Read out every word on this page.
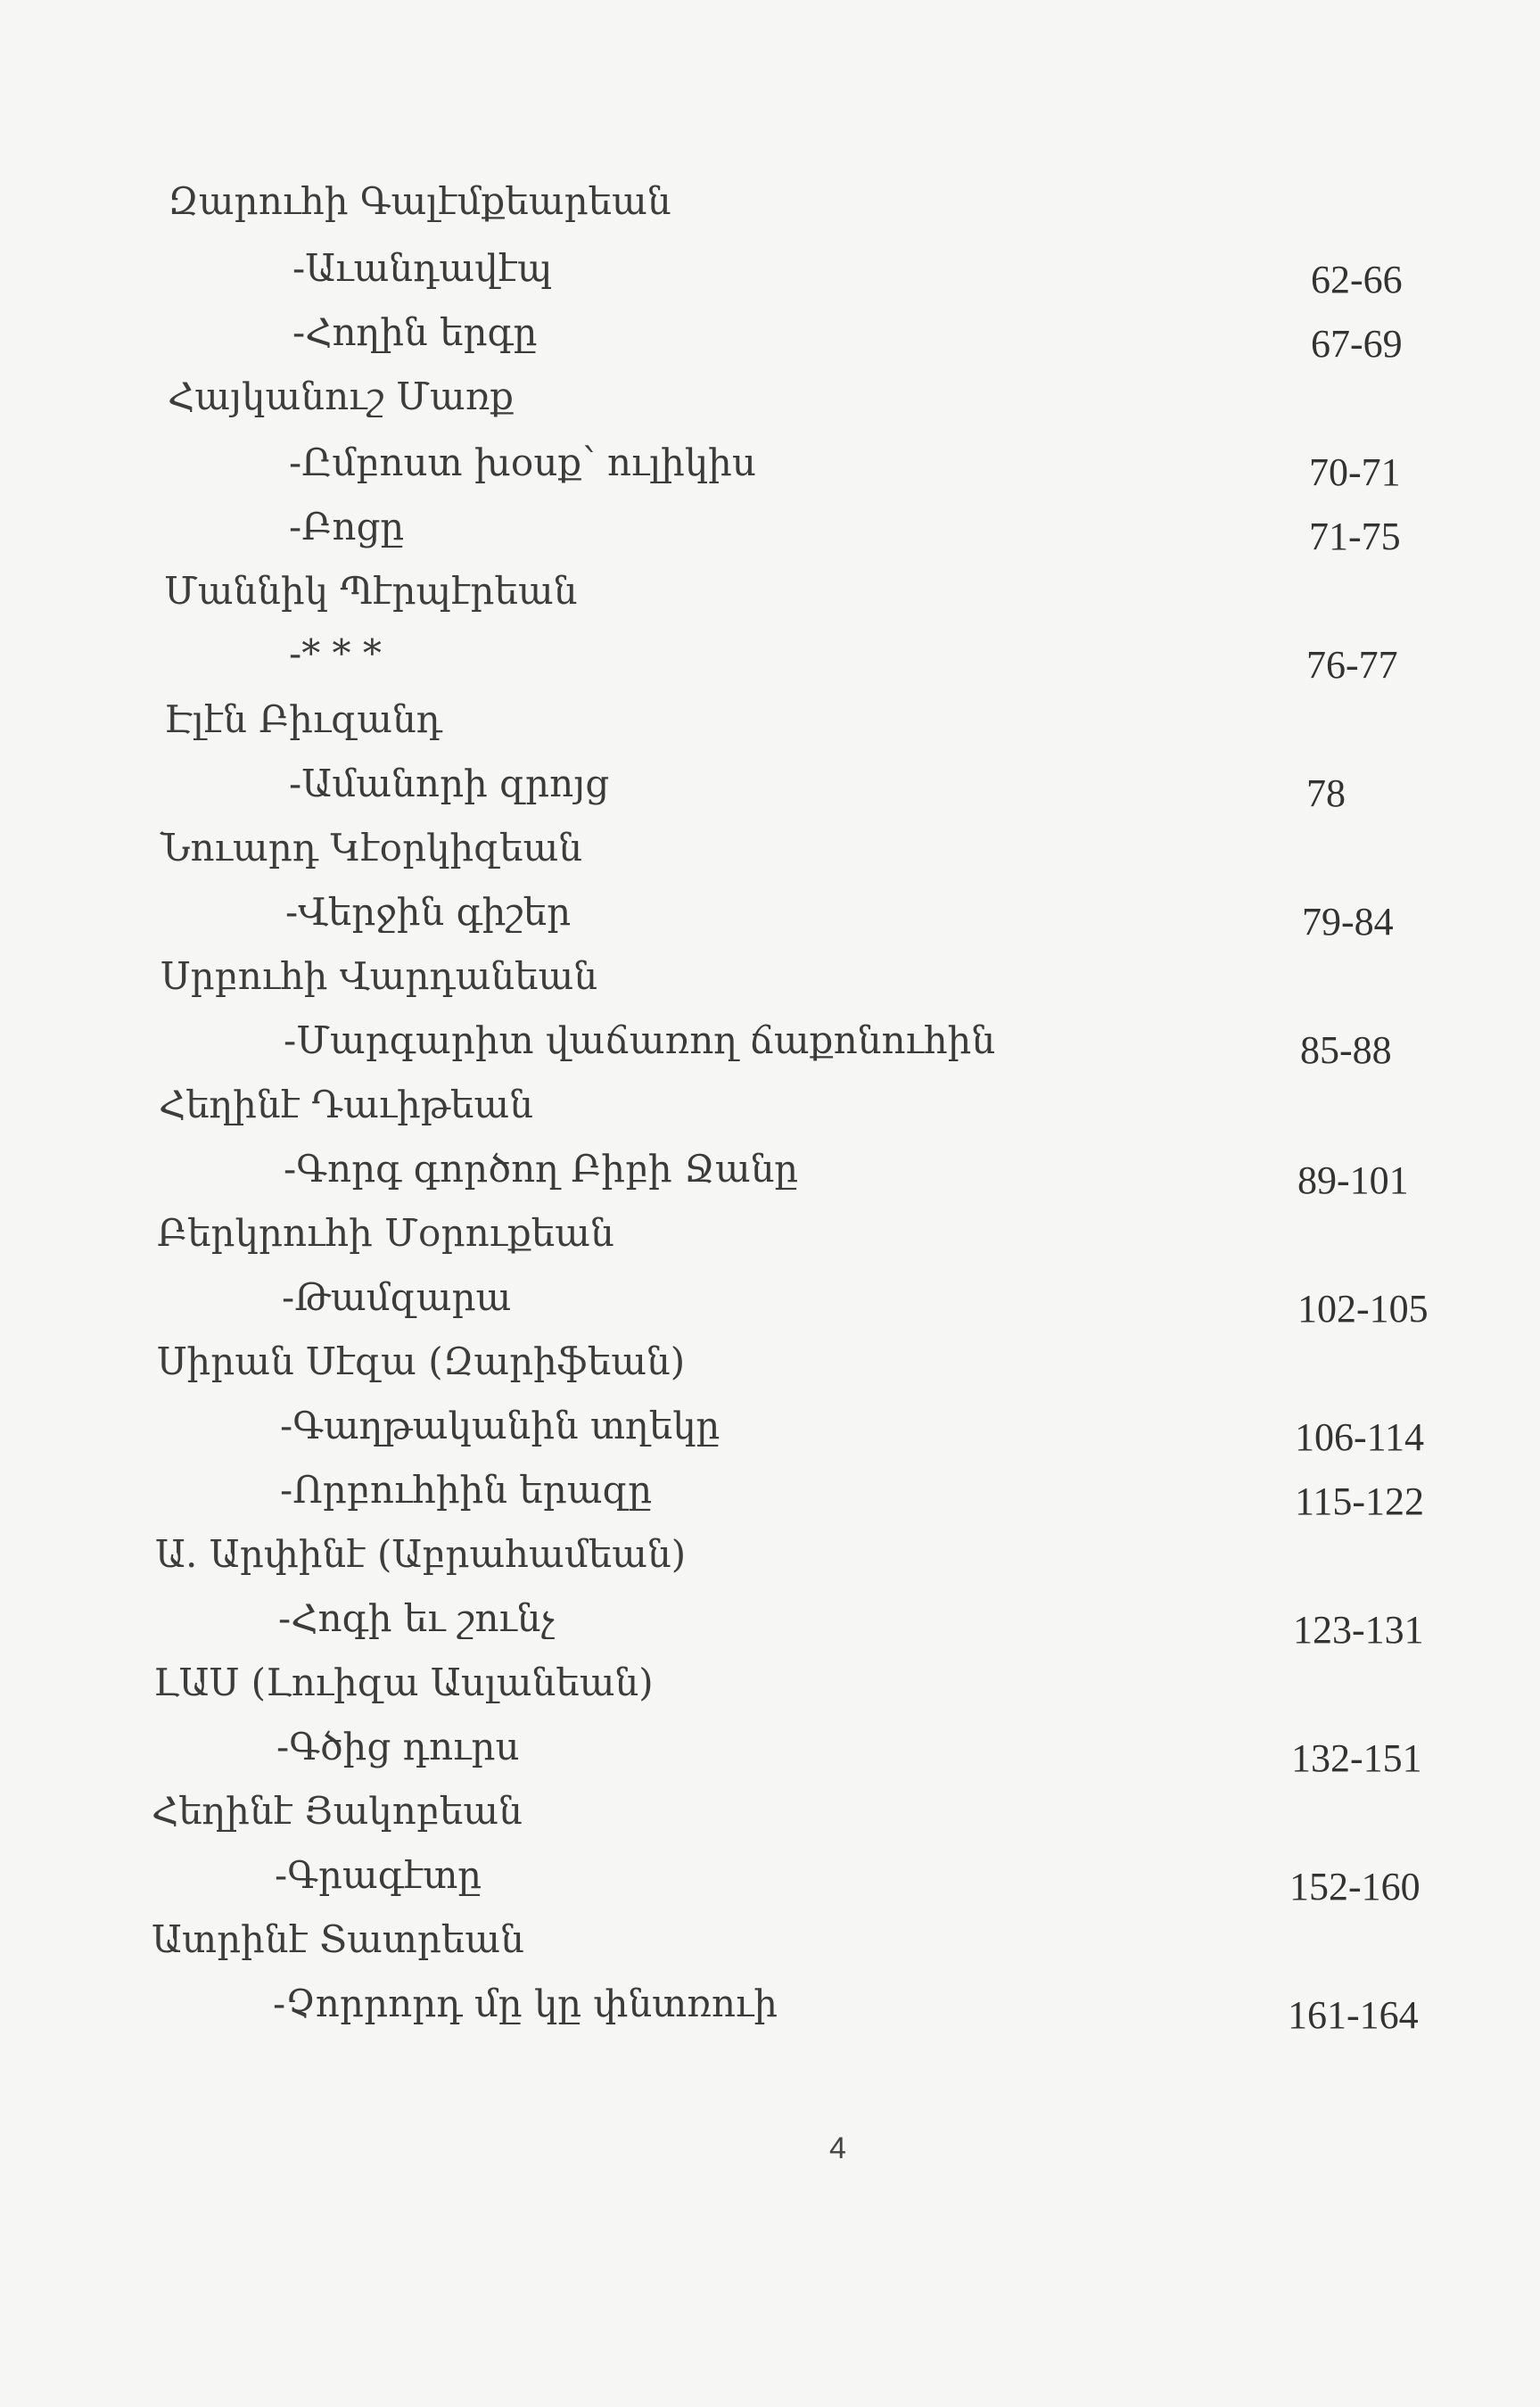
Զարուհի Գալէմքեարեան
-Աւանդավէպ	62-66
-Հողին երգը	67-69
Հայկանուշ Մառք
-Ըմբոստ խօսք՝ ուլիկիս	70-71
-Բոցը	71-75
Մաննիկ Պէրպէրեան
-* * *	76-77
Էլէն Բիւզանդ
-Ամանորի զրոյց	78
Նուարդ Կէօրկիզեան
-Վերջին գիշեր	79-84
Սրբուհի Վարդանեան
-Մարգարիտ վաճառող ճաքոնուհին	85-88
Հեղինէ Դաւիթեան
-Գորգ գործող Բիբի Ջանը	89-101
Բերկրուհի Մօրուքեան
-Թամզարա	102-105
Սիրան Սէզա (Զարիֆեան)
-Գաղթականին տղեկը	106-114
-Որբուհիին երազը	115-122
Ա. Արփինէ (Աբրահամեան)
-Հոգի եւ շունչ	123-131
ԼԱՍ (Լուիզա Ասլանեան)
-Գծից դուրս	132-151
Հեղինէ Յակոբեան
-Գրագէտը	152-160
Ատրինէ Տատրեան
-Չորրորդ մը կը փնտռուի	161-164
4
